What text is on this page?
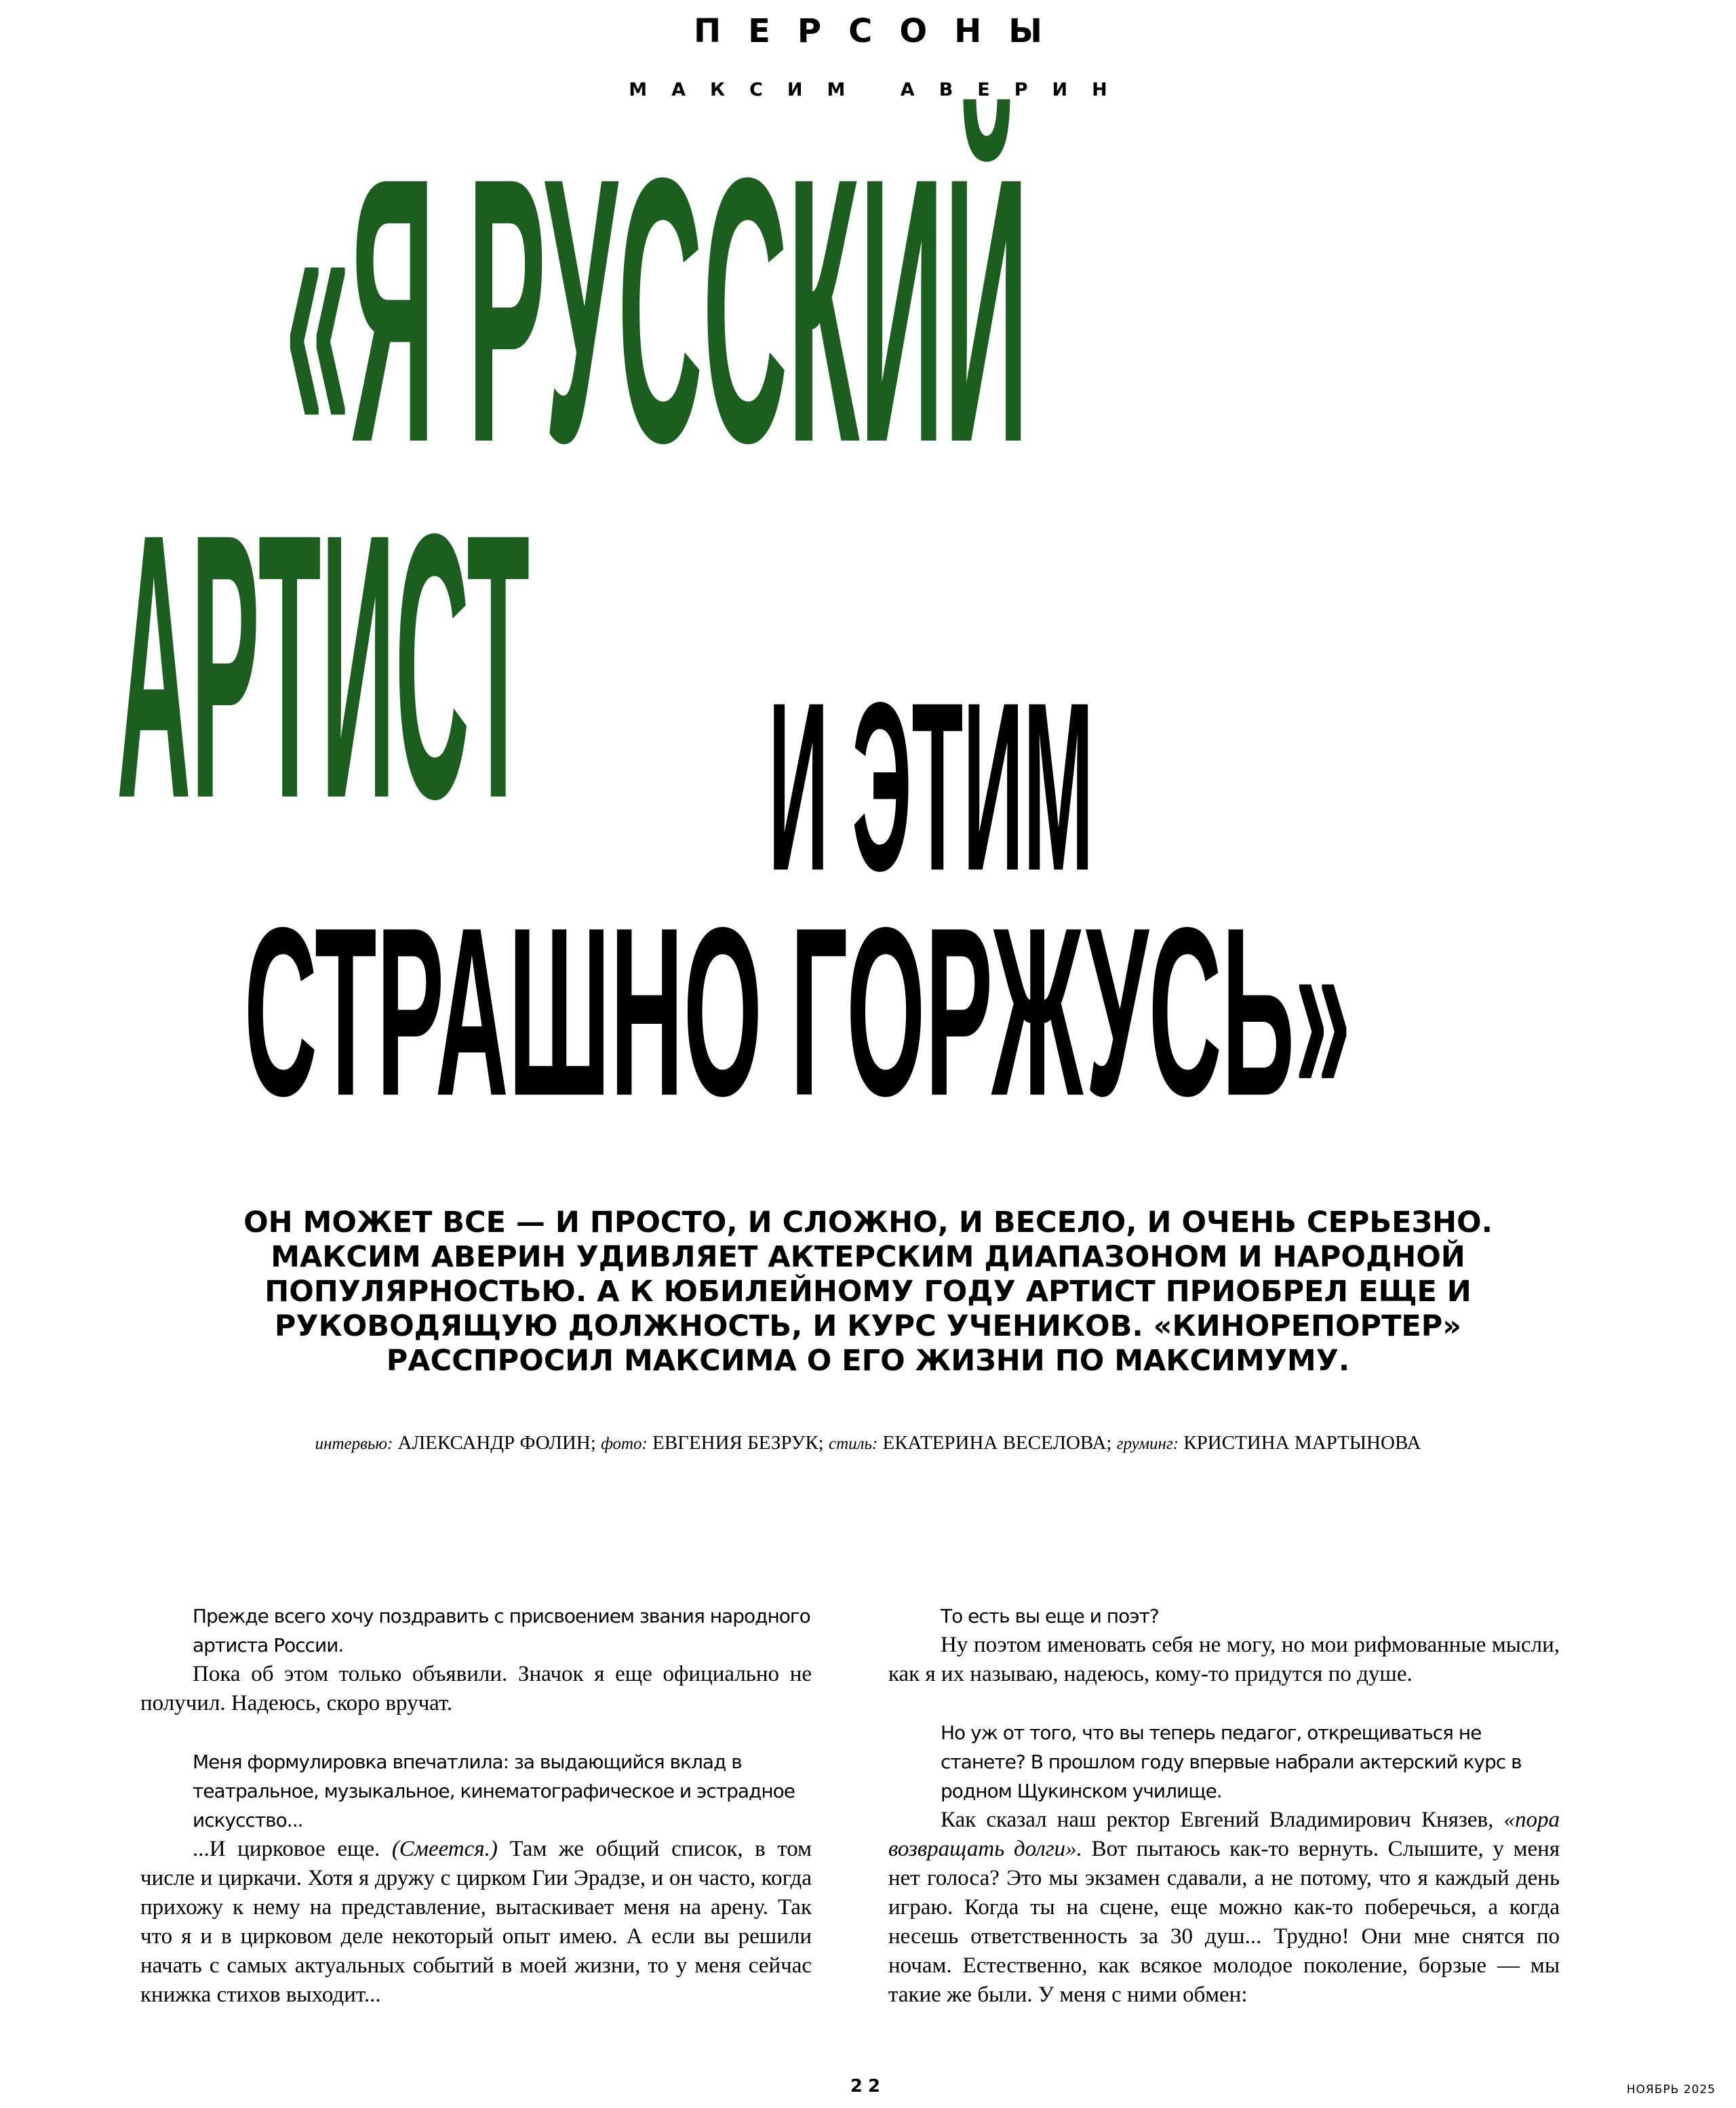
ПЕРСОНЫ
МАКСИМ АВЕРИН
«Я РУССКИЙ
АРТИСТ И ЭТИМ
СТРАШНО ГОРЖУСЬ»

ОН МОЖЕТ ВСЕ — И ПРОСТО, И СЛОЖНО, И ВЕСЕЛО, И ОЧЕНЬ СЕРЬЕЗНО. МАКСИМ АВЕРИН УДИВЛЯЕТ АКТЕРСКИМ ДИАПАЗОНОМ И НАРОДНОЙ ПОПУЛЯРНОСТЬЮ. А К ЮБИЛЕЙНОМУ ГОДУ АРТИСТ ПРИОБРЕЛ ЕЩЕ И РУКОВОДЯЩУЮ ДОЛЖНОСТЬ, И КУРС УЧЕНИКОВ. «КИНОРЕПОРТЕР» РАССПРОСИЛ МАКСИМА О ЕГО ЖИЗНИ ПО МАКСИМУМУ.

интервью: АЛЕКСАНДР ФОЛИН; фото: ЕВГЕНИЯ БЕЗРУК; стиль: ЕКАТЕРИНА ВЕСЕЛОВА; груминг: КРИСТИНА МАРТЫНОВА

Прежде всего хочу поздравить с присвоением звания народного артиста России.

Пока об этом только объявили. Значок я еще официально не получил. Надеюсь, скоро вручат.

Меня формулировка впечатлила: за выдающийся вклад в театральное, музыкальное, кинематографическое и эстрадное искусство...

...И цирковое еще. (Смеется.) Там же общий список, в том числе и циркачи. Хотя я дружу с цирком Гии Эрадзе, и он часто, когда прихожу к нему на представление, вытаскивает меня на арену. Так что я и в цирковом деле некоторый опыт имею. А если вы решили начать с самых актуальных событий в моей жизни, то у меня сейчас книжка стихов выходит...

То есть вы еще и поэт?

Ну поэтом именовать себя не могу, но мои рифмованные мысли, как я их называю, надеюсь, кому-то придутся по душе.

Но уж от того, что вы теперь педагог, открещиваться не станете? В прошлом году впервые набрали актерский курс в родном Щукинском училище.

Как сказал наш ректор Евгений Владимирович Князев, «пора возвращать долги». Вот пытаюсь как-то вернуть. Слышите, у меня нет голоса? Это мы экзамен сдавали, а не потому, что я каждый день играю. Когда ты на сцене, еще можно как-то поберечься, а когда несешь ответственность за 30 душ... Трудно! Они мне снятся по ночам. Естественно, как всякое молодое поколение, борзые — мы такие же были. У меня с ними обмен:

22	НОЯБРЬ 2025
